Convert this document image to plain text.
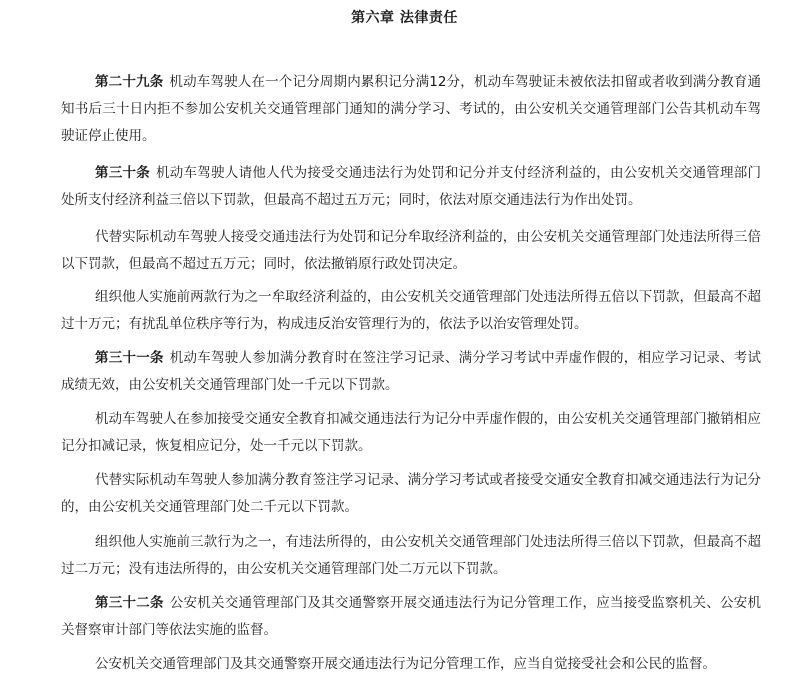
第六章 法律责任

第二十九条 机动车驾驶人在一个记分周期内累积记分满12分，机动车驾驶证未被依法扣留或者收到满分教育通知书后三十日内拒不参加公安机关交通管理部门通知的满分学习、考试的，由公安机关交通管理部门公告其机动车驾驶证停止使用。

第三十条 机动车驾驶人请他人代为接受交通违法行为处罚和记分并支付经济利益的，由公安机关交通管理部门处所支付经济利益三倍以下罚款，但最高不超过五万元；同时，依法对原交通违法行为作出处罚。

代替实际机动车驾驶人接受交通违法行为处罚和记分牟取经济利益的，由公安机关交通管理部门处违法所得三倍以下罚款，但最高不超过五万元；同时，依法撤销原行政处罚决定。

组织他人实施前两款行为之一牟取经济利益的，由公安机关交通管理部门处违法所得五倍以下罚款，但最高不超过十万元；有扰乱单位秩序等行为，构成违反治安管理行为的，依法予以治安管理处罚。

第三十一条 机动车驾驶人参加满分教育时在签注学习记录、满分学习考试中弄虚作假的，相应学习记录、考试成绩无效，由公安机关交通管理部门处一千元以下罚款。

机动车驾驶人在参加接受交通安全教育扣减交通违法行为记分中弄虚作假的，由公安机关交通管理部门撤销相应记分扣减记录，恢复相应记分，处一千元以下罚款。

代替实际机动车驾驶人参加满分教育签注学习记录、满分学习考试或者接受交通安全教育扣减交通违法行为记分的，由公安机关交通管理部门处二千元以下罚款。

组织他人实施前三款行为之一，有违法所得的，由公安机关交通管理部门处违法所得三倍以下罚款，但最高不超过二万元；没有违法所得的，由公安机关交通管理部门处二万元以下罚款。

第三十二条 公安机关交通管理部门及其交通警察开展交通违法行为记分管理工作，应当接受监察机关、公安机关督察审计部门等依法实施的监督。

公安机关交通管理部门及其交通警察开展交通违法行为记分管理工作，应当自觉接受社会和公民的监督。
